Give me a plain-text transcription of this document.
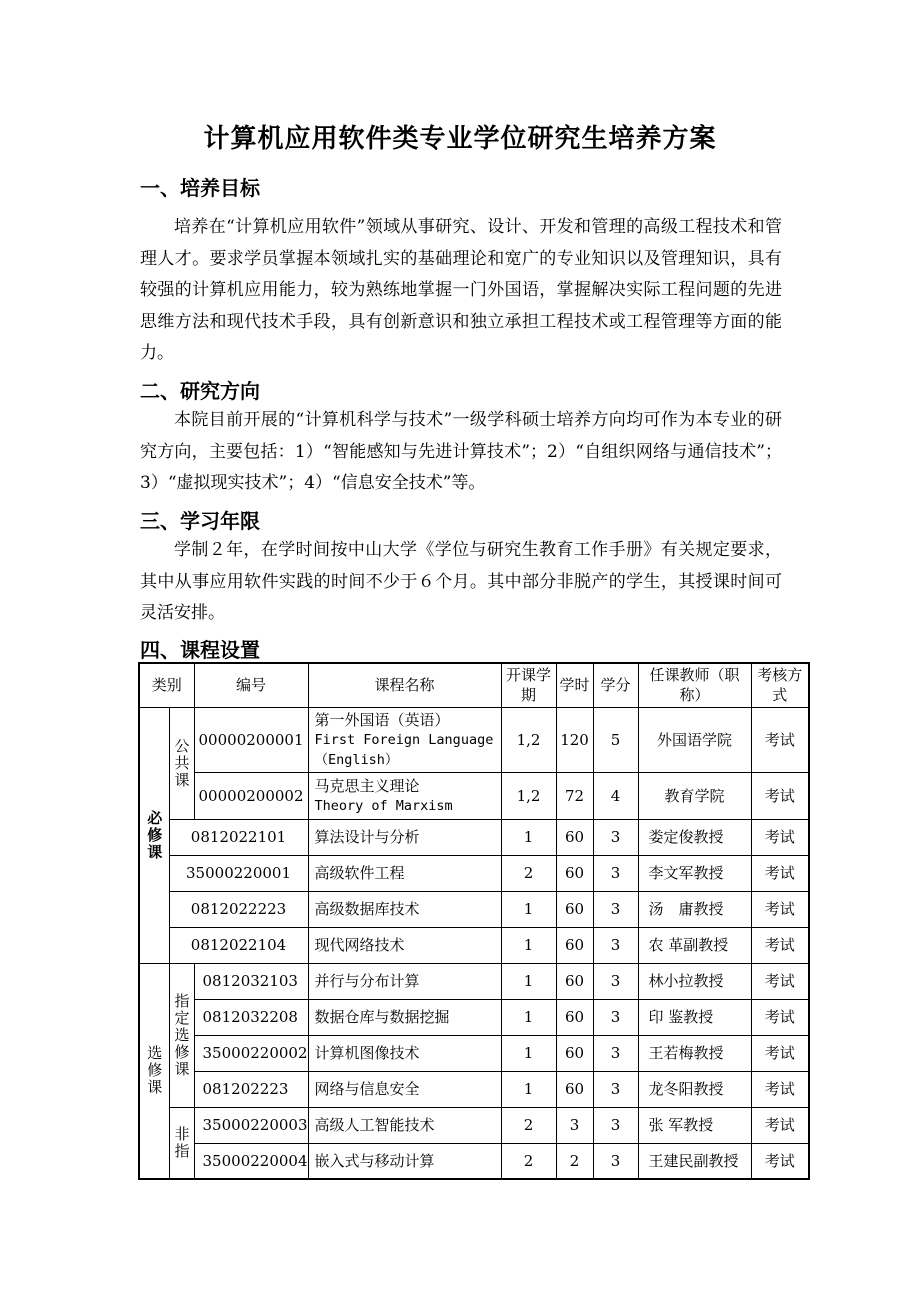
计算机应用软件类专业学位研究生培养方案
一、培养目标
培养在“计算机应用软件”领域从事研究、设计、开发和管理的高级工程技术和管理人才。要求学员掌握本领域扎实的基础理论和宽广的专业知识以及管理知识，具有较强的计算机应用能力，较为熟练地掌握一门外国语，掌握解决实际工程问题的先进思维方法和现代技术手段，具有创新意识和独立承担工程技术或工程管理等方面的能力。
二、研究方向
本院目前开展的“计算机科学与技术”一级学科硕士培养方向均可作为本专业的研究方向，主要包括：1）“智能感知与先进计算技术”；2）“自组织网络与通信技术”；3）“虚拟现实技术”；4）“信息安全技术”等。
三、学习年限
学制２年，在学时间按中山大学《学位与研究生教育工作手册》有关规定要求，其中从事应用软件实践的时间不少于６个月。其中部分非脱产的学生，其授课时间可灵活安排。
四、课程设置
类别		编号	课程名称	开课学期	学时	学分	任课教师（职称）	考核方式

必修课	公共课	00000200001	第一外国语（英语）
First Foreign Language（English）	1,2	120	5	外国语学院	考试
		00000200002	马克思主义理论
Theory of Marxism	1,2	72	4	教育学院	考试
	0812022101		算法设计与分析	1	60	3	娄定俊教授	考试
	35000220001		高级软件工程	2	60	3	李文军教授	考试
	0812022223		高级数据库技术	1	60	3	汤　庸教授	考试
	0812022104		现代网络技术	1	60	3	农 革副教授	考试

选修课	指定选修课	0812032103	并行与分布计算	1	60	3	林小拉教授	考试
		0812032208	数据仓库与数据挖掘	1	60	3	印 鉴教授	考试
		35000220002	计算机图像技术	1	60	3	王若梅教授	考试
		081202223	网络与信息安全	1	60	3	龙冬阳教授	考试

	非指	35000220003	高级人工智能技术	2	3	3	张 军教授	考试
		35000220004	嵌入式与移动计算	2	2	3	王建民副教授	考试
